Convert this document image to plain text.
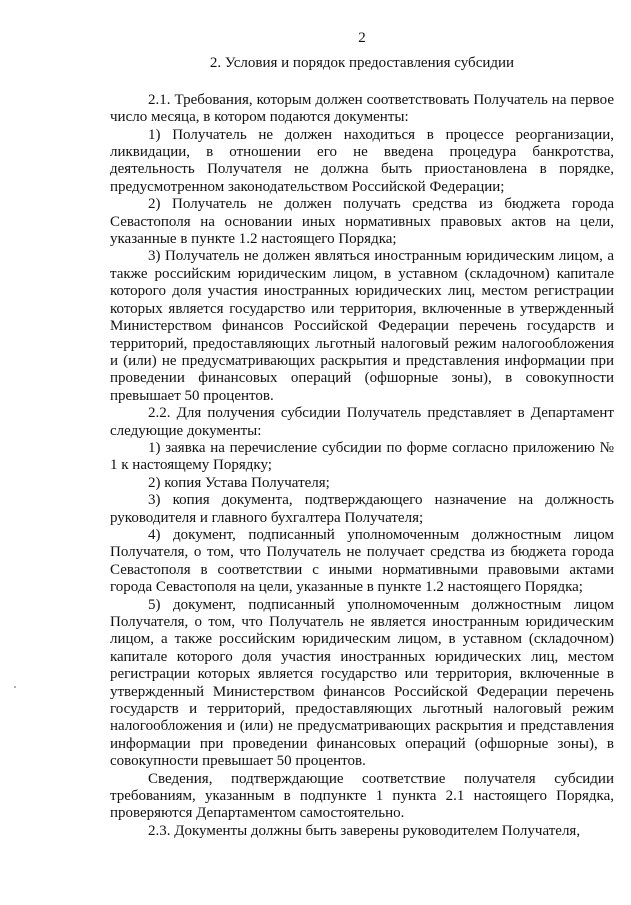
2
2. Условия и порядок предоставления субсидии

2.1. Требования, которым должен соответствовать Получатель на первое число месяца, в котором подаются документы:

1) Получатель не должен находиться в процессе реорганизации, ликвидации, в отношении его не введена процедура банкротства, деятельность Получателя не должна быть приостановлена в порядке, предусмотренном законодательством Российской Федерации;

2) Получатель не должен получать средства из бюджета города Севастополя на основании иных нормативных правовых актов на цели, указанные в пункте 1.2 настоящего Порядка;

3) Получатель не должен являться иностранным юридическим лицом, а также российским юридическим лицом, в уставном (складочном) капитале которого доля участия иностранных юридических лиц, местом регистрации которых является государство или территория, включенные в утвержденный Министерством финансов Российской Федерации перечень государств и территорий, предоставляющих льготный налоговый режим налогообложения и (или) не предусматривающих раскрытия и представления информации при проведении финансовых операций (офшорные зоны), в совокупности превышает 50 процентов.

2.2. Для получения субсидии Получатель представляет в Департамент следующие документы:

1) заявка на перечисление субсидии по форме согласно приложению № 1 к настоящему Порядку;

2) копия Устава Получателя;

3) копия документа, подтверждающего назначение на должность руководителя и главного бухгалтера Получателя;

4) документ, подписанный уполномоченным должностным лицом Получателя, о том, что Получатель не получает средства из бюджета города Севастополя в соответствии с иными нормативными правовыми актами города Севастополя на цели, указанные в пункте 1.2 настоящего Порядка;

5) документ, подписанный уполномоченным должностным лицом Получателя, о том, что Получатель не является иностранным юридическим лицом, а также российским юридическим лицом, в уставном (складочном) капитале которого доля участия иностранных юридических лиц, местом регистрации которых является государство или территория, включенные в утвержденный Министерством финансов Российской Федерации перечень государств и территорий, предоставляющих льготный налоговый режим налогообложения и (или) не предусматривающих раскрытия и представления информации при проведении финансовых операций (офшорные зоны), в совокупности превышает 50 процентов.

Сведения, подтверждающие соответствие получателя субсидии требованиям, указанным в подпункте 1 пункта 2.1 настоящего Порядка, проверяются Департаментом самостоятельно.

2.3. Документы должны быть заверены руководителем Получателя,
